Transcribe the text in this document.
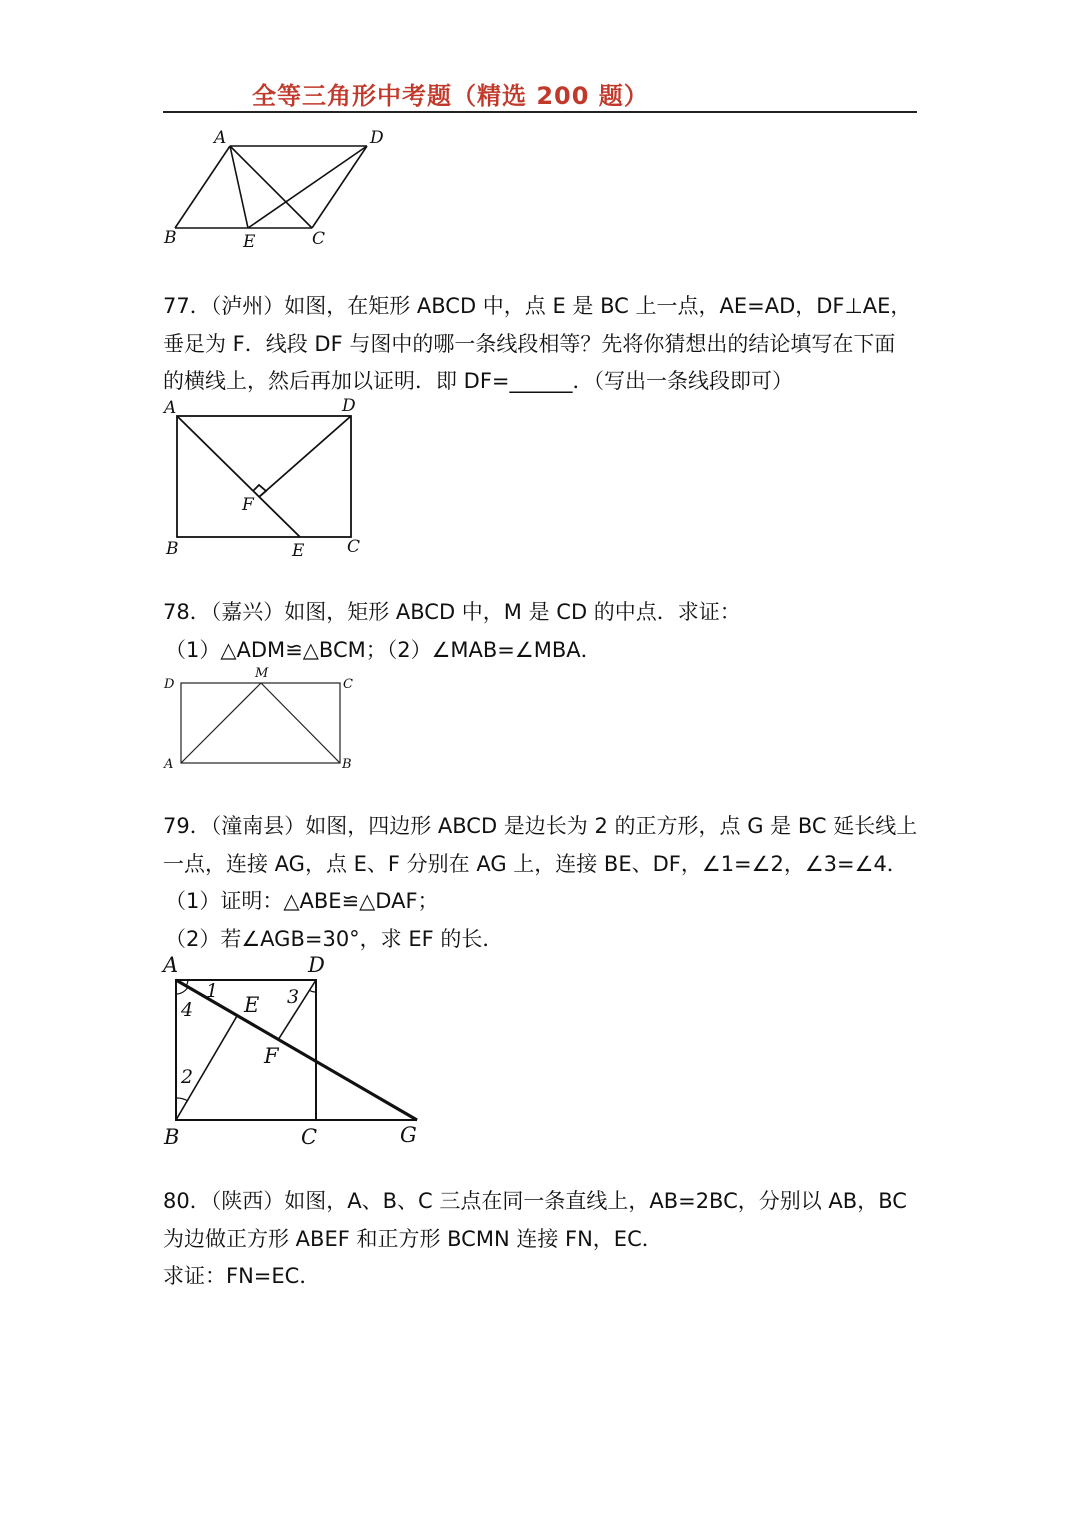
全等三角形中考题（精选 200 题）
A	D
B	E	C
77．（泸州）如图，在矩形 ABCD 中，点 E 是 BC 上一点，AE=AD，DF⊥AE，
垂足为 F．线段 DF 与图中的哪一条线段相等？先将你猜想出的结论填写在下面
的横线上，然后再加以证明．即 DF=______．（写出一条线段即可）
A	D
F
B	E	C
78．（嘉兴）如图，矩形 ABCD 中，M 是 CD 的中点．求证：
（1）△ADM≌△BCM；（2）∠MAB=∠MBA．
D
M
C
A	B
79．（潼南县）如图，四边形 ABCD 是边长为 2 的正方形，点 G 是 BC 延长线上
一点，连接 AG，点 E、F 分别在 AG 上，连接 BE、DF，∠1=∠2，∠3=∠4．
（1）证明：△ABE≌△DAF；
（2）若∠AGB=30°，求 EF 的长．
A	D
1
4 E 3
F
2
B	C	G
80．（陕西）如图，A、B、C 三点在同一条直线上，AB=2BC，分别以 AB，BC
为边做正方形 ABEF 和正方形 BCMN 连接 FN，EC．
求证：FN=EC．
